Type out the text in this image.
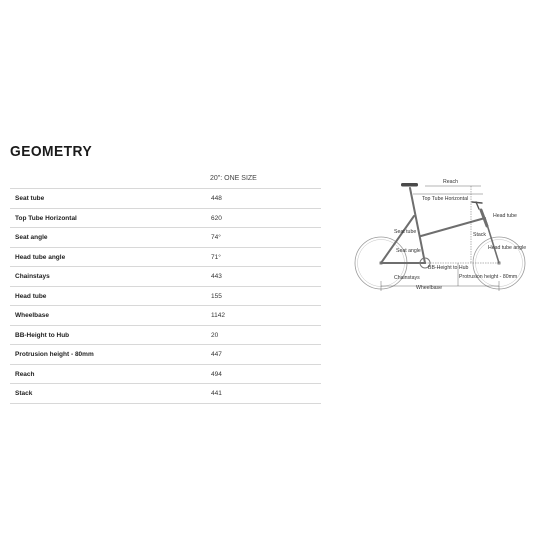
GEOMETRY
20": ONE SIZE
Seat tube	448
Top Tube Horizontal	620
Seat angle	74°
Head tube angle	71°
Chainstays	443
Head tube	155
Wheelbase	1142
BB-Height to Hub	20
Protrusion height - 80mm	447
Reach	494
Stack	441
Reach
Top Tube Horizontal
Head tube
Seat tube	Stack
Seat angle	Head tube angle
BB-Height to Hub
Chainstays	Protrusion height - 80mm
Wheelbase
